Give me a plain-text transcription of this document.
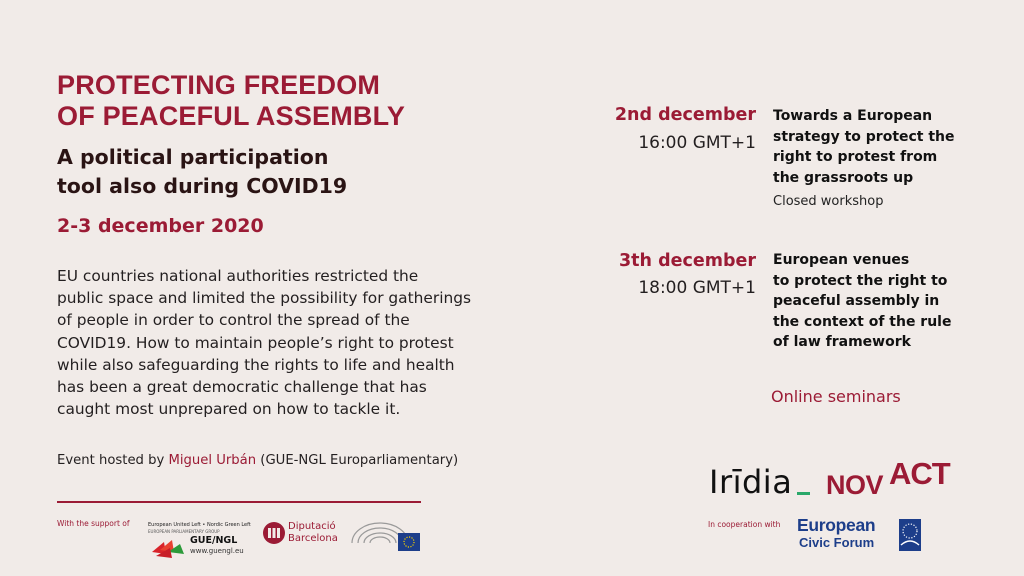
PROTECTING FREEDOM
OF PEACEFUL ASSEMBLY
A political participation
tool also during COVID19
2-3 december 2020
EU countries national authorities restricted the
public space and limited the possibility for gatherings
of people in order to control the spread of the
COVID19. How to maintain people’s right to protest
while also safeguarding the rights to life and health
has been a great democratic challenge that has
caught most unprepared on how to tackle it.
Event hosted by Miguel Urbán (GUE-NGL Europarliamentary)
With the support of	European United Left • Nordic Green Left
EUROPEAN PARLIAMENTARY GROUP
GUE/NGL
www.guengl.eu
Diputació
Barcelona
2nd december
16:00 GMT+1
Towards a European
strategy to protect the
right to protest from
the grassroots up
Closed workshop
3th december
18:00 GMT+1
European venues
to protect the right to
peaceful assembly in
the context of the rule
of law framework
Online seminars
Irīdia NOV ACT
In cooperation with European
Civic Forum
